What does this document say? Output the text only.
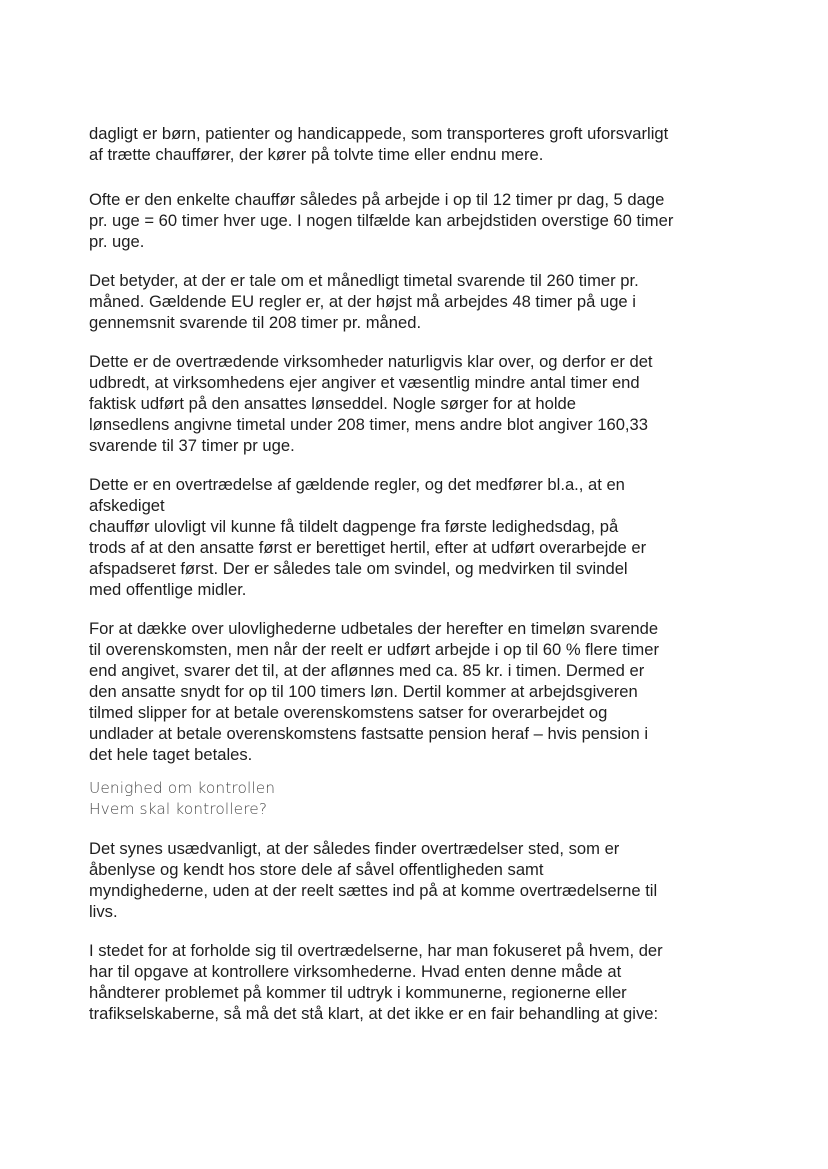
dagligt er børn, patienter og handicappede, som transporteres groft uforsvarligt
af trætte chauffører, der kører på tolvte time eller endnu mere.

Ofte er den enkelte chauffør således på arbejde i op til 12 timer pr dag, 5 dage
pr. uge = 60 timer hver uge. I nogen tilfælde kan arbejdstiden overstige 60 timer
pr. uge.

Det betyder, at der er tale om et månedligt timetal svarende til 260 timer pr.
måned. Gældende EU regler er, at der højst må arbejdes 48 timer på uge i
gennemsnit svarende til 208 timer pr. måned.

Dette er de overtrædende virksomheder naturligvis klar over, og derfor er det
udbredt, at virksomhedens ejer angiver et væsentlig mindre antal timer end
faktisk udført på den ansattes lønseddel. Nogle sørger for at holde
lønsedlens angivne timetal under 208 timer, mens andre blot angiver 160,33
svarende til 37 timer pr uge.

Dette er en overtrædelse af gældende regler, og det medfører bl.a., at en
afskediget
chauffør ulovligt vil kunne få tildelt dagpenge fra første ledighedsdag, på
trods af at den ansatte først er berettiget hertil, efter at udført overarbejde er
afspadseret først. Der er således tale om svindel, og medvirken til svindel
med offentlige midler.

For at dække over ulovlighederne udbetales der herefter en timeløn svarende
til overenskomsten, men når der reelt er udført arbejde i op til 60 % flere timer
end angivet, svarer det til, at der aflønnes med ca. 85 kr. i timen. Dermed er
den ansatte snydt for op til 100 timers løn. Dertil kommer at arbejdsgiveren
tilmed slipper for at betale overenskomstens satser for overarbejdet og
undlader at betale overenskomstens fastsatte pension heraf – hvis pension i
det hele taget betales.

Uenighed om kontrollen
Hvem skal kontrollere?

Det synes usædvanligt, at der således finder overtrædelser sted, som er
åbenlyse og kendt hos store dele af såvel offentligheden samt
myndighederne, uden at der reelt sættes ind på at komme overtrædelserne til
livs.

I stedet for at forholde sig til overtrædelserne, har man fokuseret på hvem, der
har til opgave at kontrollere virksomhederne. Hvad enten denne måde at
håndterer problemet på kommer til udtryk i kommunerne, regionerne eller
trafikselskaberne, så må det stå klart, at det ikke er en fair behandling at give:
